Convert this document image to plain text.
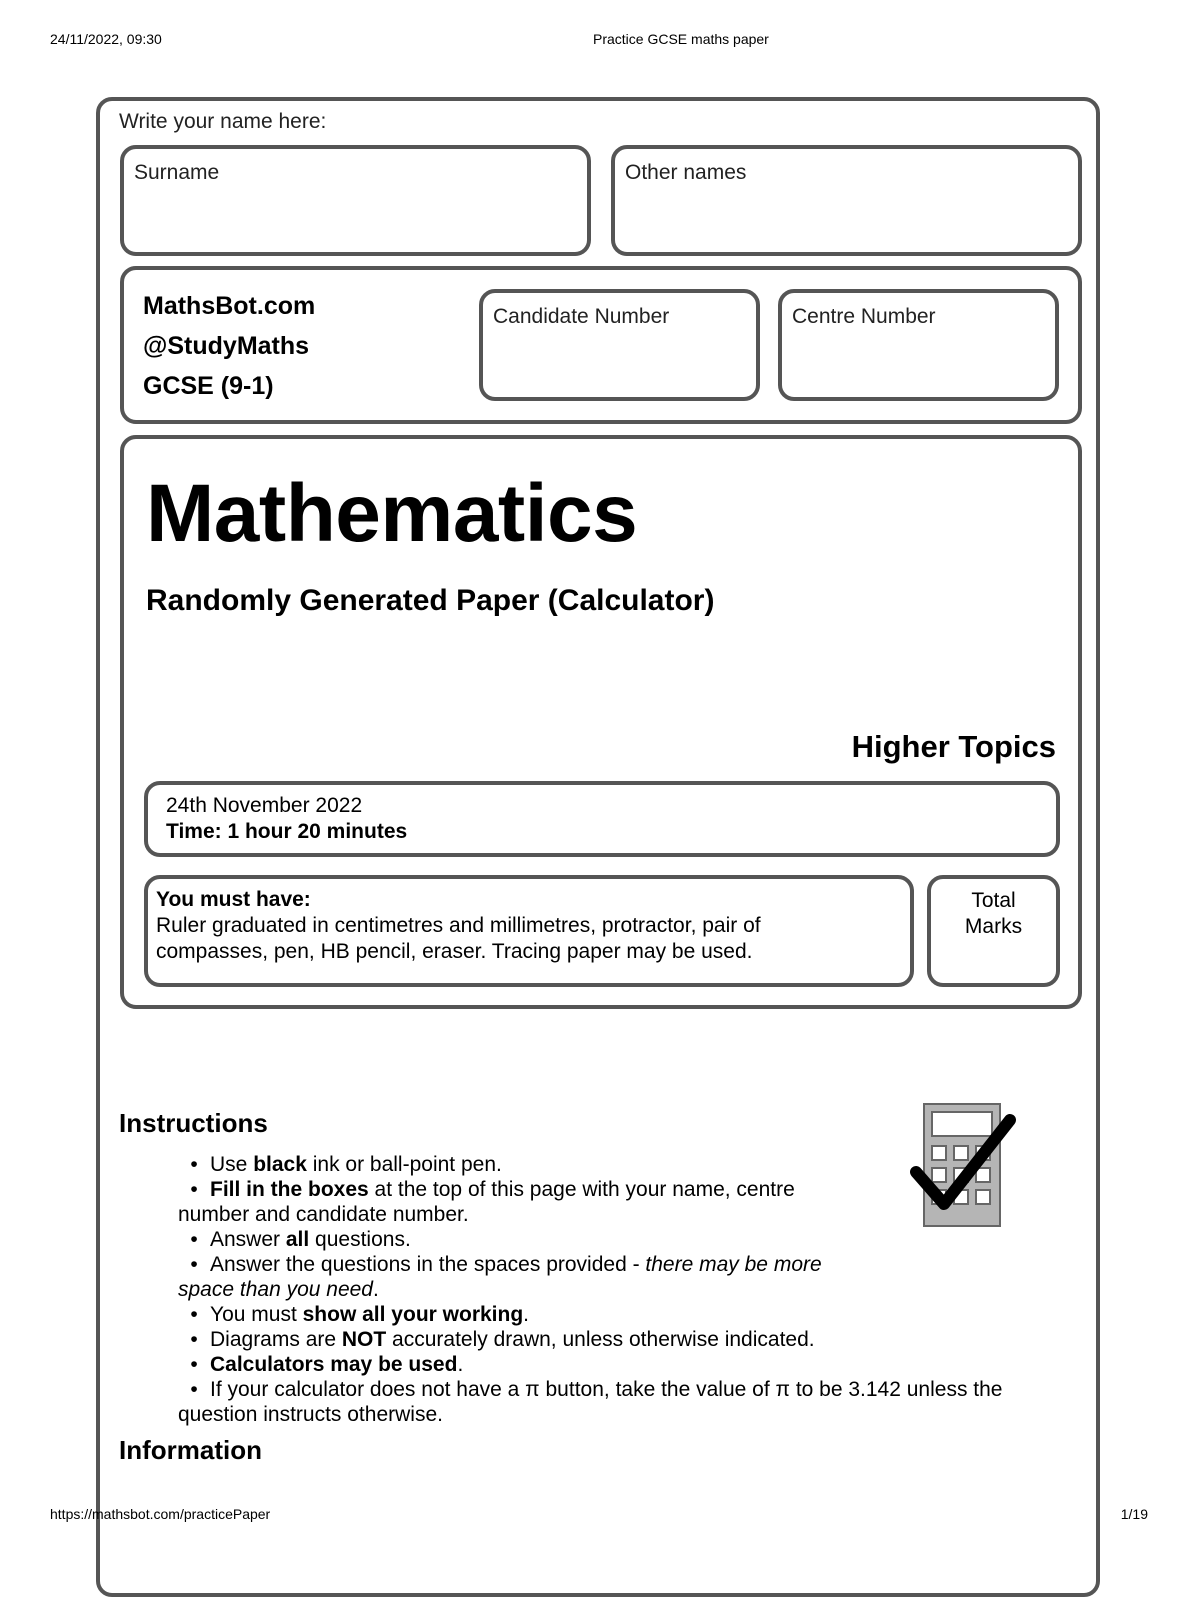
24/11/2022, 09:30	Practice GCSE maths paper
Write your name here:
Surname	Other names
MathsBot.com
@StudyMaths
GCSE (9-1)
Candidate Number	Centre Number
Mathematics
Randomly Generated Paper (Calculator)
Higher Topics
24th November 2022
Time: 1 hour 20 minutes
You must have:
Ruler graduated in centimetres and millimetres, protractor, pair of
compasses, pen, HB pencil, eraser. Tracing paper may be used.
Total
Marks
Instructions
• Use black ink or ball-point pen.
• Fill in the boxes at the top of this page with your name, centre
number and candidate number.
• Answer all questions.
• Answer the questions in the spaces provided - there may be more
space than you need.
• You must show all your working.
• Diagrams are NOT accurately drawn, unless otherwise indicated.
• Calculators may be used.
• If your calculator does not have a π button, take the value of π to be 3.142 unless the
question instructs otherwise.
Information
https://mathsbot.com/practicePaper	1/19
